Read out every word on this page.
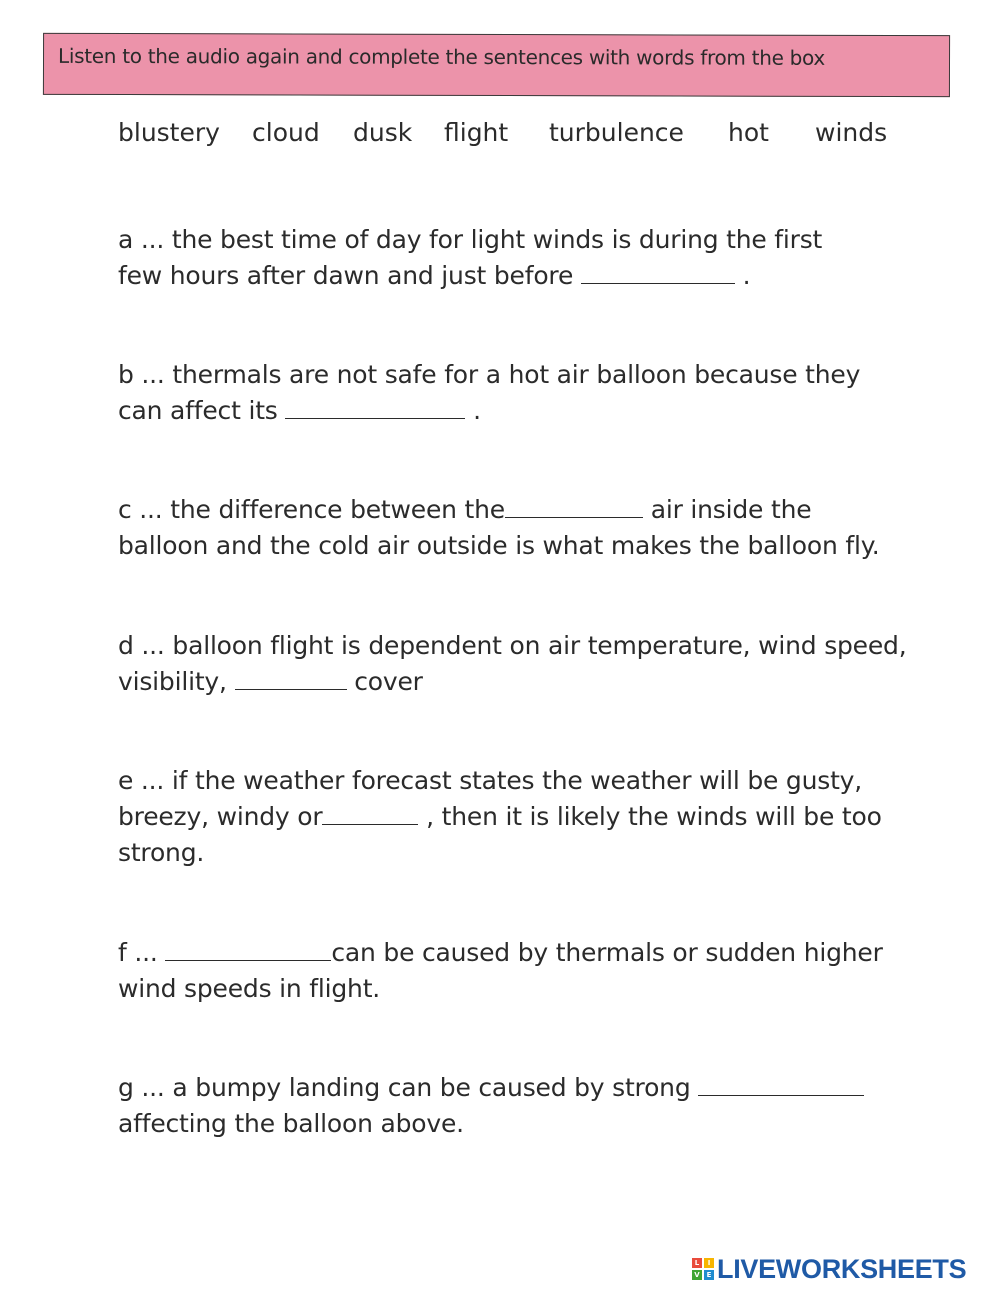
Listen to the audio again and complete the sentences with words from the box
blustery cloud dusk flight turbulence hot winds
a ... the best time of day for light winds is during the first
few hours after dawn and just before	.
b ... thermals are not safe for a hot air balloon because they
can affect its	.
c ... the difference between the	air inside the
balloon and the cold air outside is what makes the balloon fly.
d ... balloon flight is dependent on air temperature, wind speed,
visibility,	cover
e ... if the weather forecast states the weather will be gusty,
breezy, windy or	, then it is likely the winds will be too
strong.
f ...	can be caused by thermals or sudden higher
wind speeds in flight.
g ... a bumpy landing can be caused by strong
affecting the balloon above.
L	I
V E LIVEWORKSHEETS
